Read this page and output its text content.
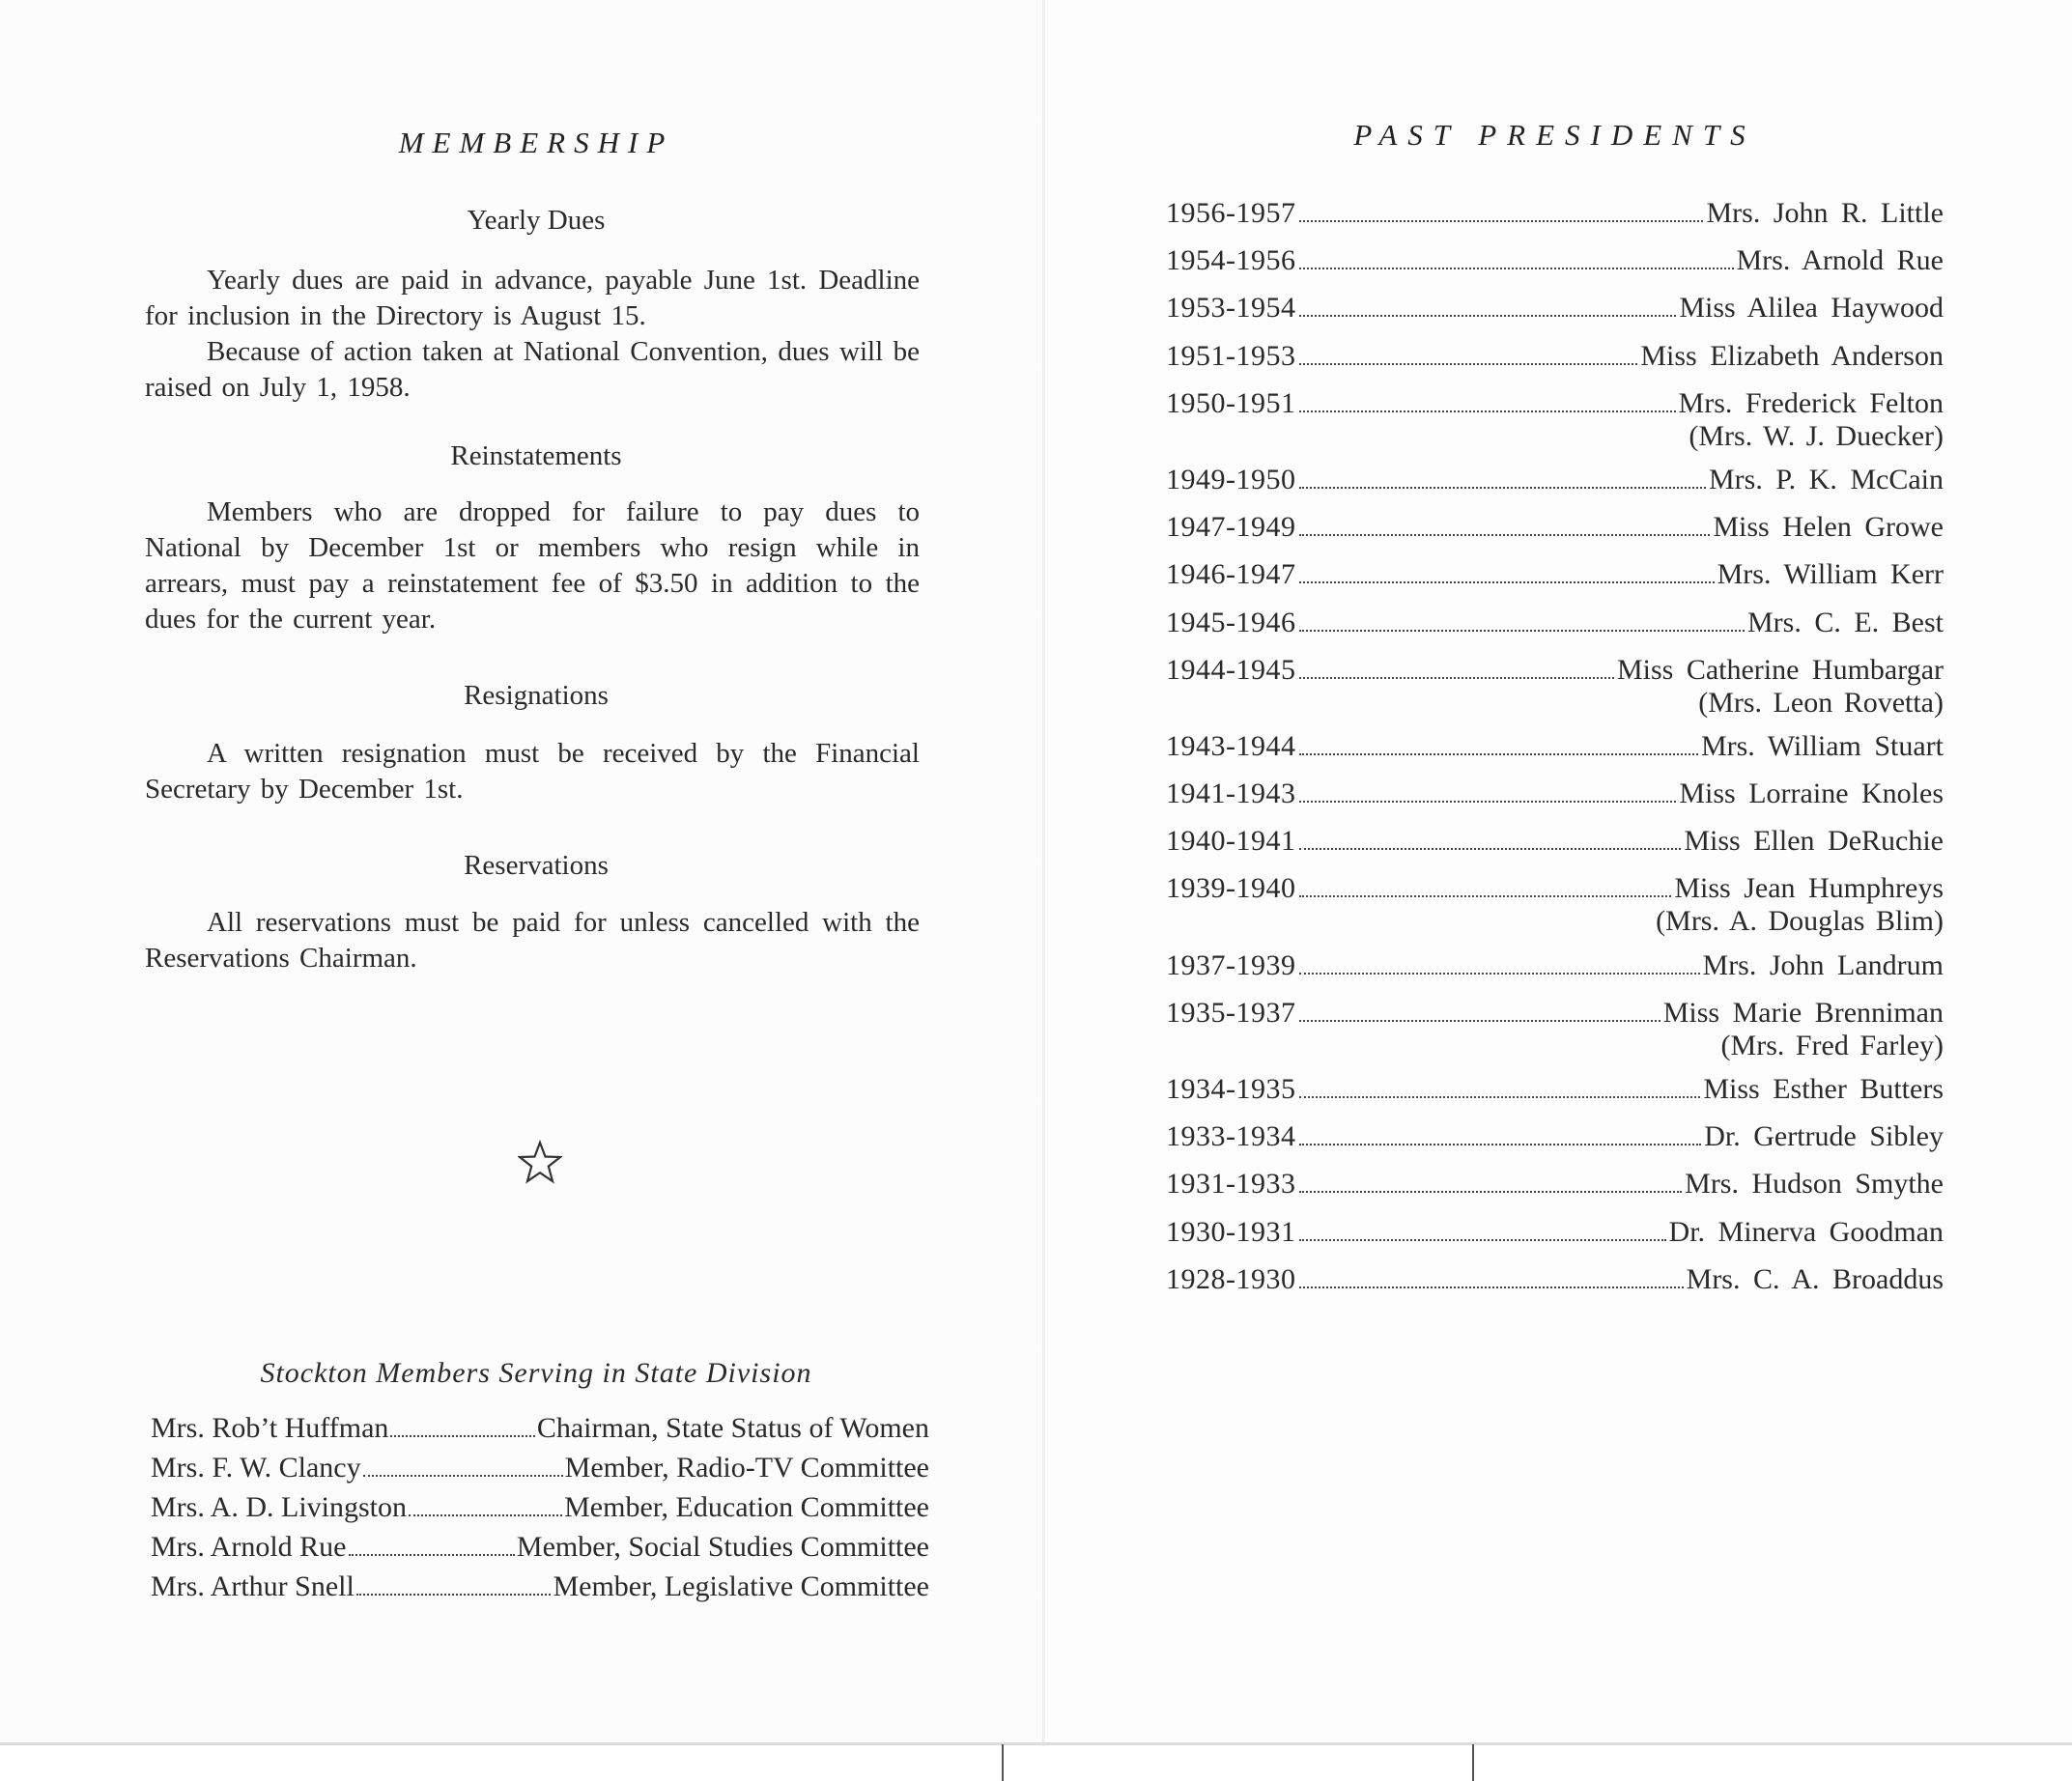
MEMBERSHIP
Yearly Dues
Yearly dues are paid in advance, payable June 1st. Deadline for inclusion in the Directory is August 15.
Because of action taken at National Convention, dues will be raised on July 1, 1958.
Reinstatements
Members who are dropped for failure to pay dues to National by December 1st or members who resign while in arrears, must pay a reinstatement fee of $3.50 in addition to the dues for the current year.
Resignations
A written resignation must be received by the Financial Secretary by December 1st.
Reservations
All reservations must be paid for unless cancelled with the Reservations Chairman.
Stockton Members Serving in State Division
Mrs. Rob’t Huffman	Chairman, State Status of Women
Mrs. F. W. Clancy	Member, Radio-TV Committee
Mrs. A. D. Livingston	Member, Education Committee
Mrs. Arnold Rue	Member, Social Studies Committee
Mrs. Arthur Snell	Member, Legislative Committee
PAST PRESIDENTS
1956-1957	Mrs. John R. Little
1954-1956	Mrs. Arnold Rue
1953-1954	Miss Alilea Haywood
1951-1953	Miss Elizabeth Anderson
1950-1951	Mrs. Frederick Felton
(Mrs. W. J. Duecker)
1949-1950	Mrs. P. K. McCain
1947-1949	Miss Helen Growe
1946-1947	Mrs. William Kerr
1945-1946	Mrs. C. E. Best
1944-1945	Miss Catherine Humbargar
(Mrs. Leon Rovetta)
1943-1944	Mrs. William Stuart
1941-1943	Miss Lorraine Knoles
1940-1941	Miss Ellen DeRuchie
1939-1940	Miss Jean Humphreys
(Mrs. A. Douglas Blim)
1937-1939	Mrs. John Landrum
1935-1937	Miss Marie Brenniman
(Mrs. Fred Farley)
1934-1935	Miss Esther Butters
1933-1934	Dr. Gertrude Sibley
1931-1933	Mrs. Hudson Smythe
1930-1931	Dr. Minerva Goodman
1928-1930	Mrs. C. A. Broaddus
